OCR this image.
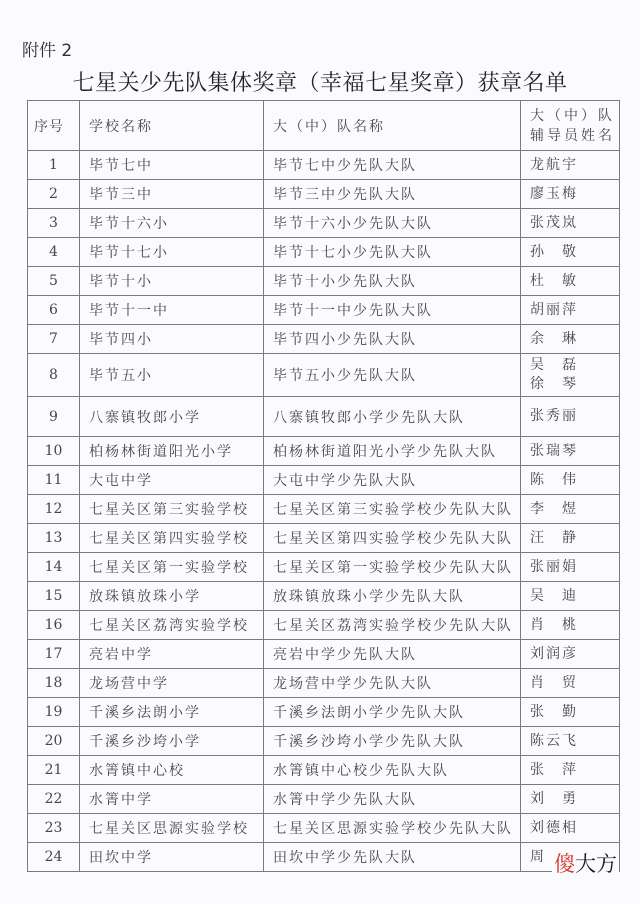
附件 2
七星关少先队集体奖章（幸福七星奖章）获章名单
序号	学校名称	大（中）队名称	大（中）队
辅导员姓名

1	毕节七中	毕节七中少先队大队	龙航宇
2	毕节三中	毕节三中少先队大队	廖玉梅
3	毕节十六小	毕节十六小少先队大队	张茂岚
4	毕节十七小	毕节十七小少先队大队	孙　敬
5	毕节十小	毕节十小少先队大队	杜　敏
6	毕节十一中	毕节十一中少先队大队	胡丽萍
7	毕节四小	毕节四小少先队大队	余　琳
8	毕节五小	毕节五小少先队大队	吴　磊
徐　琴

9	八寨镇牧郎小学	八寨镇牧郎小学少先队大队	张秀丽
10	柏杨林街道阳光小学	柏杨林街道阳光小学少先队大队	张瑞琴
11	大屯中学	大屯中学少先队大队	陈　伟
12	七星关区第三实验学校	七星关区第三实验学校少先队大队	李　煜
13	七星关区第四实验学校	七星关区第四实验学校少先队大队	汪　静
14	七星关区第一实验学校	七星关区第一实验学校少先队大队	张丽娟
15	放珠镇放珠小学	放珠镇放珠小学少先队大队	吴　迪
16	七星关区荔湾实验学校	七星关区荔湾实验学校少先队大队	肖　桃
17	亮岩中学	亮岩中学少先队大队	刘润彦
18	龙场营中学	龙场营中学少先队大队	肖　贸
19	千溪乡法朗小学	千溪乡法朗小学少先队大队	张　勤
20	千溪乡沙垮小学	千溪乡沙垮小学少先队大队	陈云飞
21	水箐镇中心校	水箐镇中心校少先队大队	张　萍
22	水箐中学	水箐中学少先队大队	刘　勇
23	七星关区思源实验学校	七星关区思源实验学校少先队大队	刘德相
24	田坎中学	田坎中学少先队大队	周 傻大方
